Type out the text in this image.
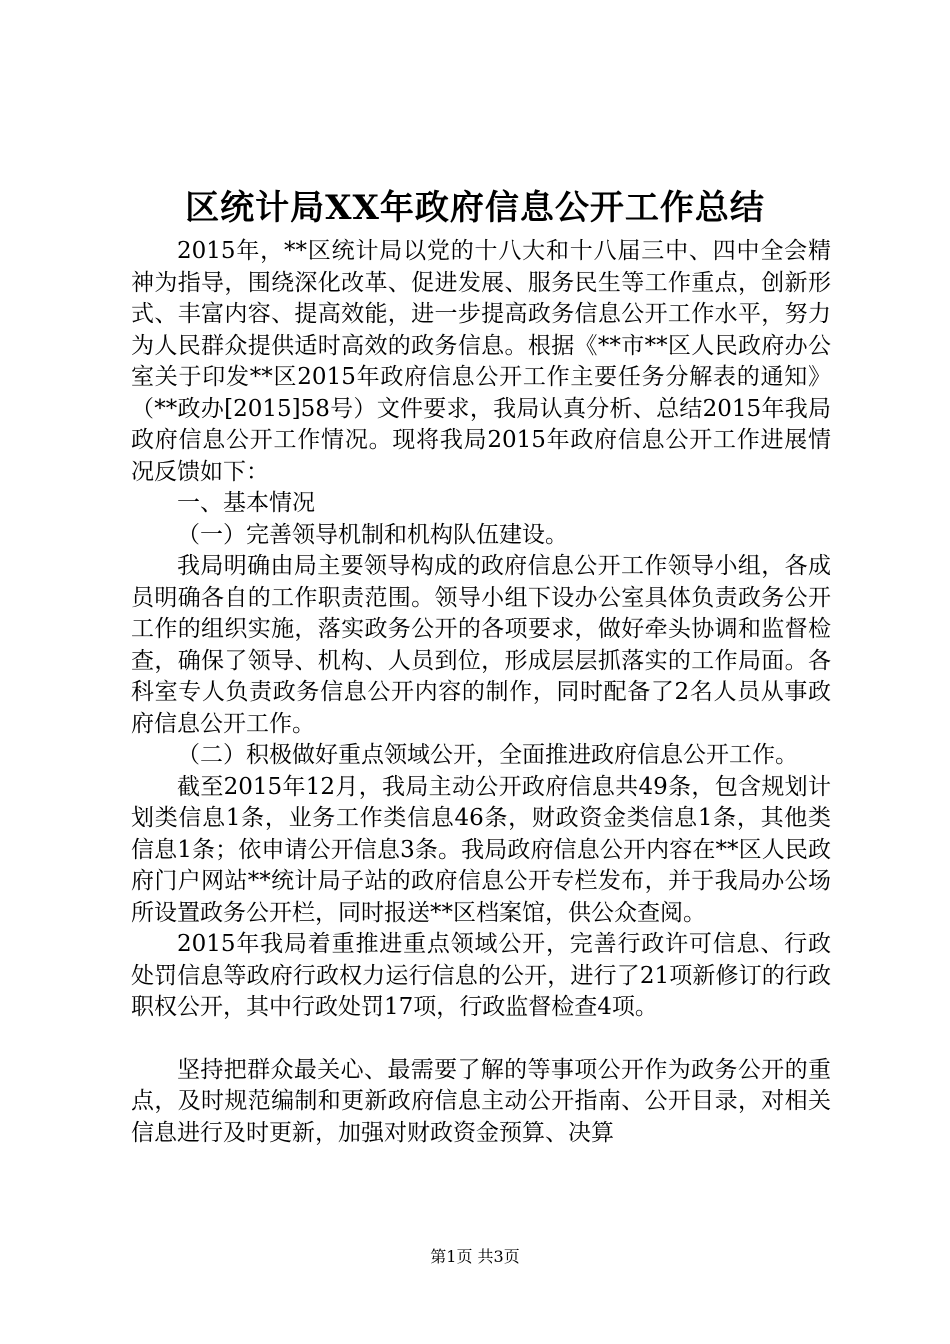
区统计局XX年政府信息公开工作总结

2015年，**区统计局以党的十八大和十八届三中、四中全会精神为指导，围绕深化改革、促进发展、服务民生等工作重点，创新形式、丰富内容、提高效能，进一步提高政务信息公开工作水平，努力为人民群众提供适时高效的政务信息。根据《**市**区人民政府办公室关于印发**区2015年政府信息公开工作主要任务分解表的通知》（**政办[2015]58号）文件要求，我局认真分析、总结2015年我局政府信息公开工作情况。现将我局2015年政府信息公开工作进展情况反馈如下：

一、基本情况

（一）完善领导机制和机构队伍建设。

我局明确由局主要领导构成的政府信息公开工作领导小组，各成员明确各自的工作职责范围。领导小组下设办公室具体负责政务公开工作的组织实施，落实政务公开的各项要求，做好牵头协调和监督检查，确保了领导、机构、人员到位，形成层层抓落实的工作局面。各科室专人负责政务信息公开内容的制作，同时配备了2名人员从事政府信息公开工作。

（二）积极做好重点领域公开，全面推进政府信息公开工作。

截至2015年12月，我局主动公开政府信息共49条，包含规划计划类信息1条，业务工作类信息46条，财政资金类信息1条，其他类信息1条；依申请公开信息3条。我局政府信息公开内容在**区人民政府门户网站**统计局子站的政府信息公开专栏发布，并于我局办公场所设置政务公开栏，同时报送**区档案馆，供公众查阅。

2015年我局着重推进重点领域公开，完善行政许可信息、行政处罚信息等政府行政权力运行信息的公开，进行了21项新修订的行政职权公开，其中行政处罚17项，行政监督检查4项。

坚持把群众最关心、最需要了解的等事项公开作为政务公开的重点，及时规范编制和更新政府信息主动公开指南、公开目录，对相关信息进行及时更新，加强对财政资金预算、决算

第1页 共3页
